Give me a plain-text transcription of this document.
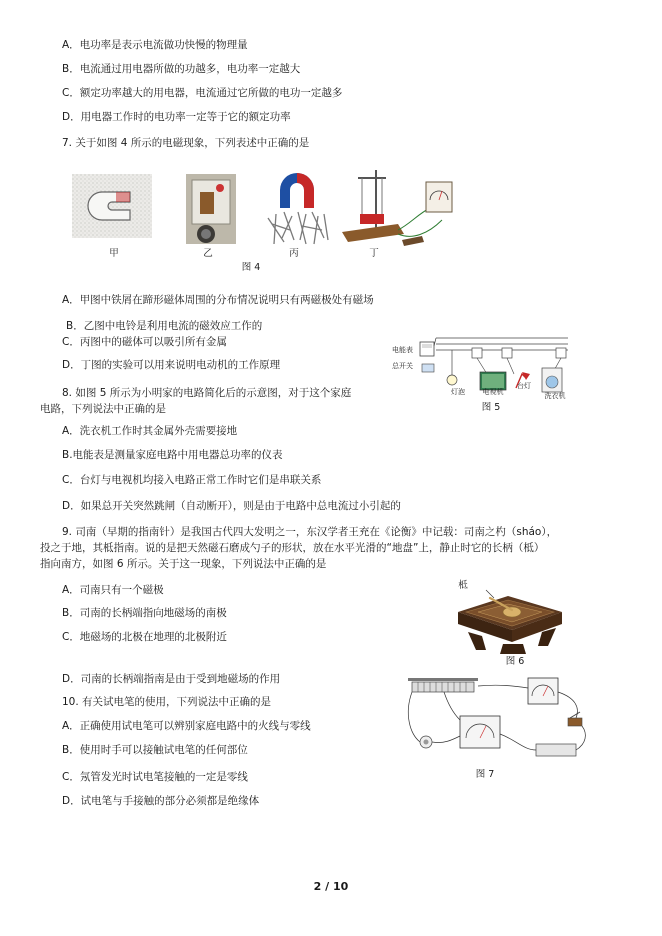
A．电功率是表示电流做功快慢的物理量
B．电流通过用电器所做的功越多，电功率一定越大
C．额定功率越大的用电器，电流通过它所做的电功一定越多
D．用电器工作时的电功率一定等于它的额定功率
7. 关于如图 4 所示的电磁现象，下列表述中正确的是
甲	乙	丙	丁
图 4
A．甲图中铁屑在蹄形磁体周围的分布情况说明只有两磁极处有磁场
B．乙图中电铃是利用电流的磁效应工作的
C．丙图中的磁体可以吸引所有金属
D．丁图的实验可以用来说明电动机的工作原理
电能表
总开关
灯泡	电视机
台灯
洗衣机
图 5
8. 如图 5 所示为小明家的电路简化后的示意图，对于这个家庭
电路，下列说法中正确的是
A．洗衣机工作时其金属外壳需要接地
B.电能表是测量家庭电路中用电器总功率的仪表
C．台灯与电视机均接入电路正常工作时它们是串联关系
D．如果总开关突然跳闸（自动断开），则是由于电路中总电流过小引起的
9. 司南（早期的指南针）是我国古代四大发明之一，东汉学者王充在《论衡》中记载：司南之杓（sháo），
投之于地，其柢指南。说的是把天然磁石磨成勺子的形状，放在水平光滑的“地盘”上，静止时它的长柄（柢）
指向南方，如图 6 所示。关于这一现象，下列说法中正确的是
A．司南只有一个磁极
B．司南的长柄端指向地磁场的南极
C．地磁场的北极在地理的北极附近
D．司南的长柄端指南是由于受到地磁场的作用
柢
图 6
图 7
10. 有关试电笔的使用，下列说法中正确的是
A．正确使用试电笔可以辨别家庭电路中的火线与零线
B．使用时手可以接触试电笔的任何部位
C．氖管发光时试电笔接触的一定是零线
D．试电笔与手接触的部分必须都是绝缘体
2 / 10
